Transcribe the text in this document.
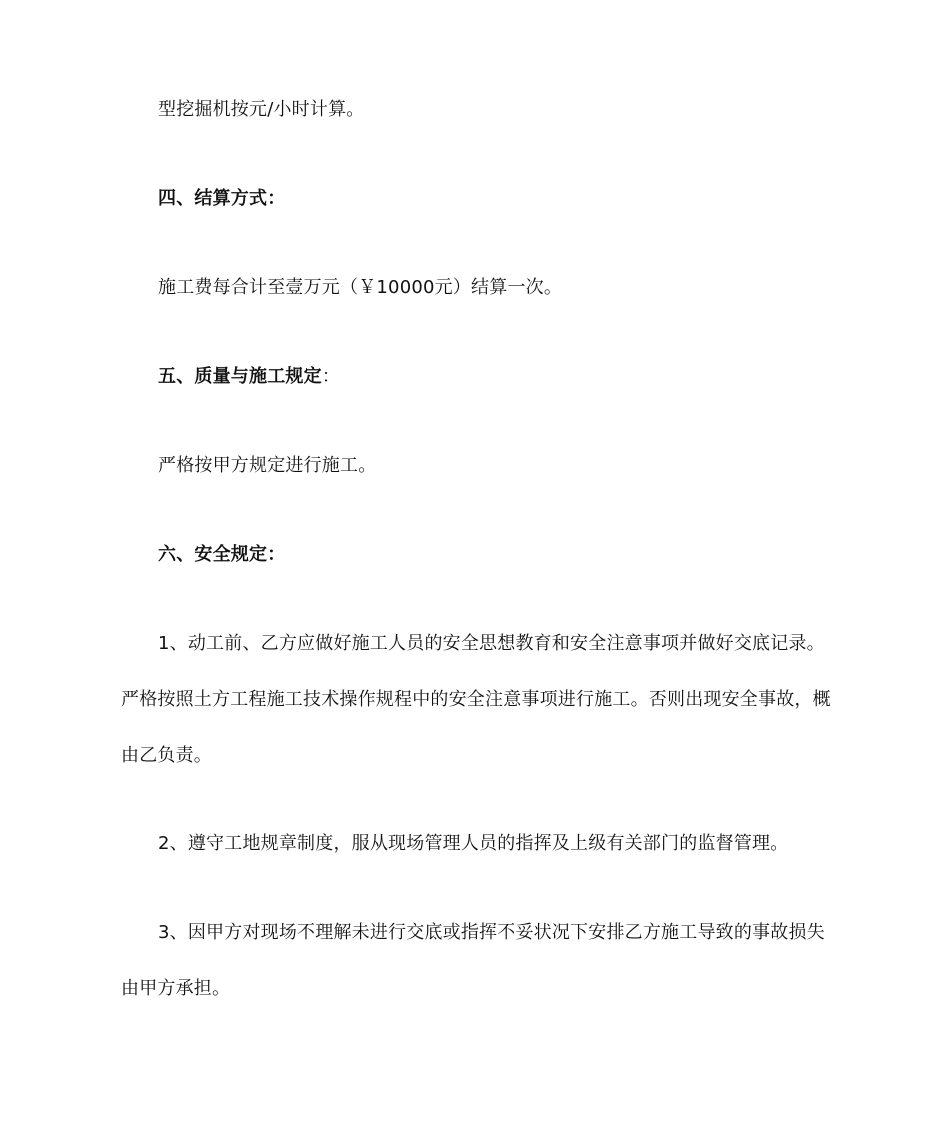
型挖掘机按元/小时计算。

四、结算方式：

施工费每合计至壹万元（￥10000元）结算一次。

五、质量与施工规定：

严格按甲方规定进行施工。

六、安全规定：

1、动工前、乙方应做好施工人员的安全思想教育和安全注意事项并做好交底记录。严格按照土方工程施工技术操作规程中的安全注意事项进行施工。否则出现安全事故，概由乙负责。

2、遵守工地规章制度，服从现场管理人员的指挥及上级有关部门的监督管理。

3、因甲方对现场不理解未进行交底或指挥不妥状况下安排乙方施工导致的事故损失由甲方承担。
